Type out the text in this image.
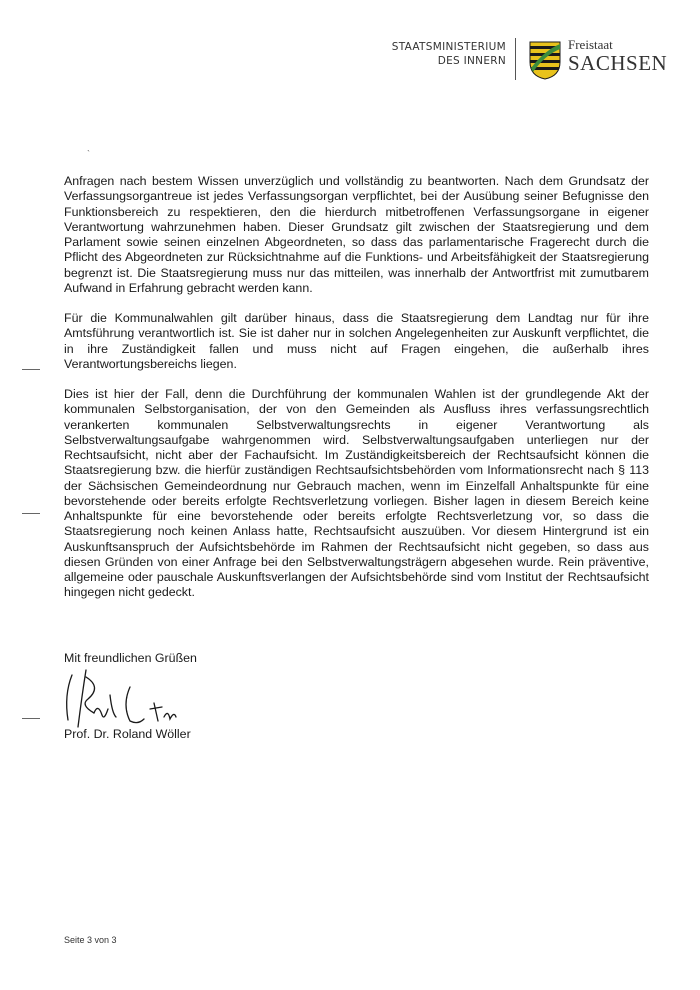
STAATSMINISTERIUM
DES INNERN
Freistaat
SACHSEN
`

Anfragen nach bestem Wissen unverzüglich und vollständig zu beantworten. Nach dem Grundsatz der Verfassungsorgantreue ist jedes Verfassungsorgan verpflichtet, bei der Ausübung seiner Befugnisse den Funktionsbereich zu respektieren, den die hierdurch mitbetroffenen Verfassungsorgane in eigener Verantwortung wahrzunehmen haben. Dieser Grundsatz gilt zwischen der Staatsregierung und dem Parlament sowie seinen einzelnen Abgeordneten, so dass das parlamentarische Fragerecht durch die Pflicht des Abgeordneten zur Rücksichtnahme auf die Funktions- und Arbeitsfähigkeit der Staatsregierung begrenzt ist. Die Staatsregierung muss nur das mitteilen, was innerhalb der Antwortfrist mit zumutbarem Aufwand in Erfahrung gebracht werden kann.

Für die Kommunalwahlen gilt darüber hinaus, dass die Staatsregierung dem Landtag nur für ihre Amtsführung verantwortlich ist. Sie ist daher nur in solchen Angelegenheiten zur Auskunft verpflichtet, die in ihre Zuständigkeit fallen und muss nicht auf Fragen eingehen, die außerhalb ihres Verantwortungsbereichs liegen.

Dies ist hier der Fall, denn die Durchführung der kommunalen Wahlen ist der grundlegende Akt der kommunalen Selbstorganisation, der von den Gemeinden als Ausfluss ihres verfassungsrechtlich verankerten kommunalen Selbstverwaltungsrechts in eigener Verantwortung als Selbstverwaltungsaufgabe wahrgenommen wird. Selbstverwaltungsaufgaben unterliegen nur der Rechtsaufsicht, nicht aber der Fachaufsicht. Im Zuständigkeitsbereich der Rechtsaufsicht können die Staatsregierung bzw. die hierfür zuständigen Rechtsaufsichtsbehörden vom Informationsrecht nach § 113 der Sächsischen Gemeindeordnung nur Gebrauch machen, wenn im Einzelfall Anhaltspunkte für eine bevorstehende oder bereits erfolgte Rechtsverletzung vorliegen. Bisher lagen in diesem Bereich keine Anhaltspunkte für eine bevorstehende oder bereits erfolgte Rechtsverletzung vor, so dass die Staatsregierung noch keinen Anlass hatte, Rechtsaufsicht auszuüben. Vor diesem Hintergrund ist ein Auskunftsanspruch der Aufsichtsbehörde im Rahmen der Rechtsaufsicht nicht gegeben, so dass aus diesen Gründen von einer Anfrage bei den Selbstverwaltungsträgern abgesehen wurde. Rein präventive, allgemeine oder pauschale Auskunftsverlangen der Aufsichtsbehörde sind vom Institut der Rechtsaufsicht hingegen nicht gedeckt.

Mit freundlichen Grüßen
Prof. Dr. Roland Wöller
Seite 3 von 3
